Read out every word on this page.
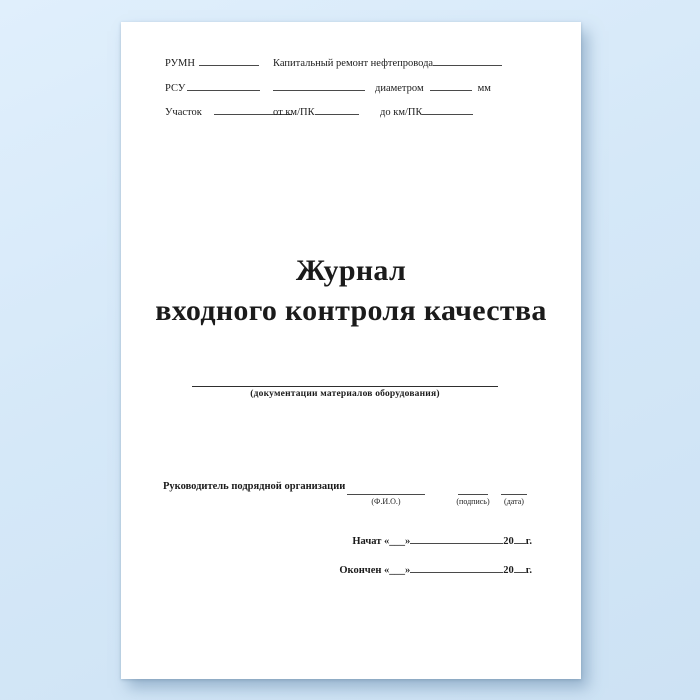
РУМН	Капитальный ремонт нефтепровода
РСУ	диаметром	мм
Участок	от км/ПК	до км/ПК
Журнал
входного контроля качества
(документации материалов оборудования)
Руководитель подрядной организации
(Ф.И.О.)	(подпись)	(дата)
Начат «___»	20 г.
Окончен «___»	20 г.
